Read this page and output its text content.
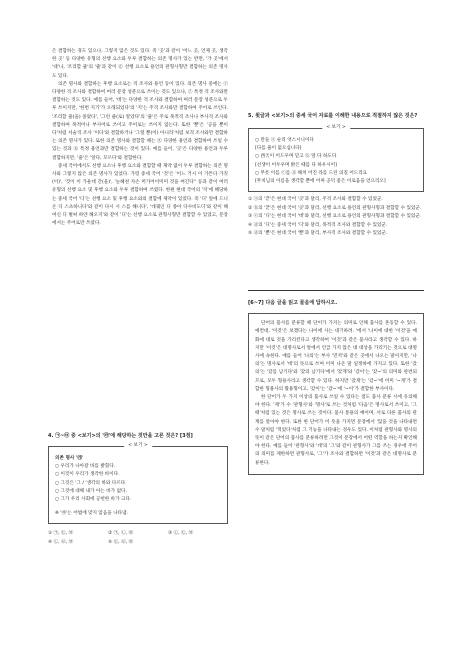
은 결합하는 경도 있으나, 그렇지 않은 것도 있다. 즉 '곳'과 같이 '어느 곳, 언제 곳, 생각한 곳' 등 다양한 유형의 선행 요소와 두루 결합하는 의존 명사가 있는 반면, '가 곳'에서 '대'나, '조리할 줄'의 '줄'과 같이 ⓓ 선행 요소로 용언의 관형사형만 결합하는 의존 명사도 있다.

의존 명사와 결합하는 후행 요소로는 격 조사와 용언 등이 있다. 의존 명사 중에는 ⓔ 다양한 격 조사와 결합하여 여러 문장 성분으로 쓰이는 것도 있으나, ⓕ 특정 격 조사와만 결합하는 것도 있다. 예를 들어, '데'는 다양한 격 조사와 결합하여 여러 문장 성분으로 두루 쓰이지만, '한번 지기'가 오래되었다'의 '지'는 주격 조사와만 결합하여 주어로 쓰인다. '조리할 줄(을) 몰랐다', '그런 줄(로) 알았다'의 '줄'은 주로 목적격 조사나 부사격 조사와 결합하여 목적어나 부사어로 쓰이고 주어로는 쓰이지 않는다. 또한 '뿐'은 '공을 뿐이다'처럼 서술격 조사 '이다'와 결합하거나 '그럴 뿐(이) 아니라'처럼 보격 조사와만 결합하는 의존 명사가 있다. 또한 의존 명사와 결합할 때는 ⓖ 다양한 용언과 결합하여 쓰일 수 있는 것과 ⓗ 특정 용언과만 결합하는 것이 있다. 예를 들어, '곳'은 다양한 용언과 두루 결합하지만, '줄'은 '알다, 모르다'와 결합한다.

중세 국어에서도 선행 요소나 후행 요소와 결합할 때 제약 없이 두루 결합하는 의존 명사와 그렇지 않은 의존 명사가 있었다. 가령 중세 국어 '것'은 '어느 거시 이 가튼다 가짓(이)', '것이 이 가운데 간(을)', '눈헤쳔 자손 머가어이미미 것을 여긴다'' 등과 같이 여러 유형의 선행 요소 및 후행 요소와 두루 결합하여 쓰였다. 한편 현대 국어의 '지'에 해당하는 중세 국어 '디'는 선행 요소 및 후행 요소와의 결합에 제약이 있었다. 즉 '디' 앞에 드니온 디 스츠하니다'와 같이 다시 시 스를 해니다', '데궤인 디 종아 다수비도디'와 같이 해여신 디 벌써 하얀 해오지'와 같이 '디'는 선행 요소로 관형사형만 결합할 수 있었고, 문장에서는 주어로만 쓰였다.

4. ㉠~㉤ 중 <보기>의 '㉮'에 해당하는 것만을 고른 것은? [3점]
< 보기 >
의존 명사 '㉮'
○ 우리가 나아갈 바를 밝혔다.
○ 이것이 우리가 생각한 바이다.
○ 그것은 '그 / '생각의 바와 다르다.
○ 그것에 대해 내가 아는 바가 없다.
○ 그가 우리 사회에 공헌한 바가 크다.
※ '㉮'는 어법에 맞지 않음을 나타냄.
① ㉠, ㉢, ㉤	② ㉠, ㉡, ㉤	③ ㉡, ㉢, ㉤
④ ㉡, ㉣, ㉤	⑤ ㉢, ㉣, ㉤
5. 윗글과 <보기>의 중세 국어 자료를 이해한 내용으로 적절하지 않은 것은?
< 보기 >
○ 만들 ⓐ 순리 엇스시니이다
[다를 줄이 없으십니다]
○ 西天이 어드우며 믿고 ⓑ 엎 다 하도다
[선생이 어두우며 밝은 때를 다 하우시어]
○ 무릇 이를 ⓒ를 ⓓ 해쳐 어진 라를 드린 의질 어드리요
[무치님의 이름을 생각할 뿐에 어찌 공덕 좋은 이로움을 얻으리오]
① ⓐ의 '끝'은 현대 국어 '곳'과 달리, 주격 조사와 결합할 수 있었군.
② ⓑ의 '끝'은 현대 국어 '곳'과 달리, 선행 요소로 용언의 관형사형과 결합할 수 있었군.
③ ⓒ의 '디'는 현대 국어 '데'와 달리, 선행 요소로 용언의 관형사형과 결합할 수 있었군.
④ ⓓ의 '디'는 중세 국어 '디'와 달리, 목적격 조사와 결합할 수 있었군.
⑤ ⓓ의 '뿐'은 현대 국어 '뿐'과 달리, 부사격 조사와 결합할 수 있었군.
[6~7] 다음 글을 읽고 물음에 답하시오.

단어의 품사를 분류할 때 단어가 가지는 의미로 인해 품사를 혼동할 수 있다. 예컨대, '이것'은 보겠다는 나이에 사는 대기하려. '에서 '나이에 대한 '이것'을 예화에 대로 것을 가리킨다고 생각하여 '이것'과 같은 품사라고 생각할 수 있다. 하지만 '이것'은 대명사로서 앞에서 언급 가지 않은 대 대상을 가리키는 것으로 대명사에 속한다. 예를 들어 '나의'는 부사 '먼저'와 같은 곳에서 나오는 말이지만, '나의'는 명사로서 '데'의 뜻으로 쓰여 이미 나온 말 일정하에 가지고 있다. 또한 '갔의'는 '갔를 남기다'와 '갔의 남기다'에서 '갔게'와 '갔이'는 '갔~'의 의미와 관련되므로, 모두 형용사라고 생각할 수 있다. 하지만 '갔게'는 '갔~'에 어미 '~게'가 결합한 형용사의 활용형이고, '갔이'는 '갔~'에 '~이'가 결합한 부사이다.

한 단어가 두 가지 이상의 품사로 쓰일 수 있다는 점도 품사 분류 시에 유의해야 한다. '제'가 수 '관형사'와 '명사'로 쓰는 것처럼 '다음'은 명사로서 쓰이고, '그때'처럼 있는 것은 명사로 쓰는 것이다. 품사 통용의 예이며, 서로 다른 품사의 관계를 알아야 한다. 또한 한 단어가 어 뜻을 가지면 문장에서 '않을 것을 나타내면 수 말처럼 '먹었다'처럼 그 기능을 나타내는 경우도 있다. 이처럼 관형사와 명사의 뜻이 같은 단어의 품사를 분류하려면 그것이 문장에서 어떤 역할을 하는지 확인해야 한다. 예를 들어 '관형사'와 '데'의 '그'와 같이 관형사가 그를 쓰는 경우에 주어의 의미를 제한하면 관형사로, '그'가 조사와 결합하면 '이것'과 같은 대명사로 분류한다.
